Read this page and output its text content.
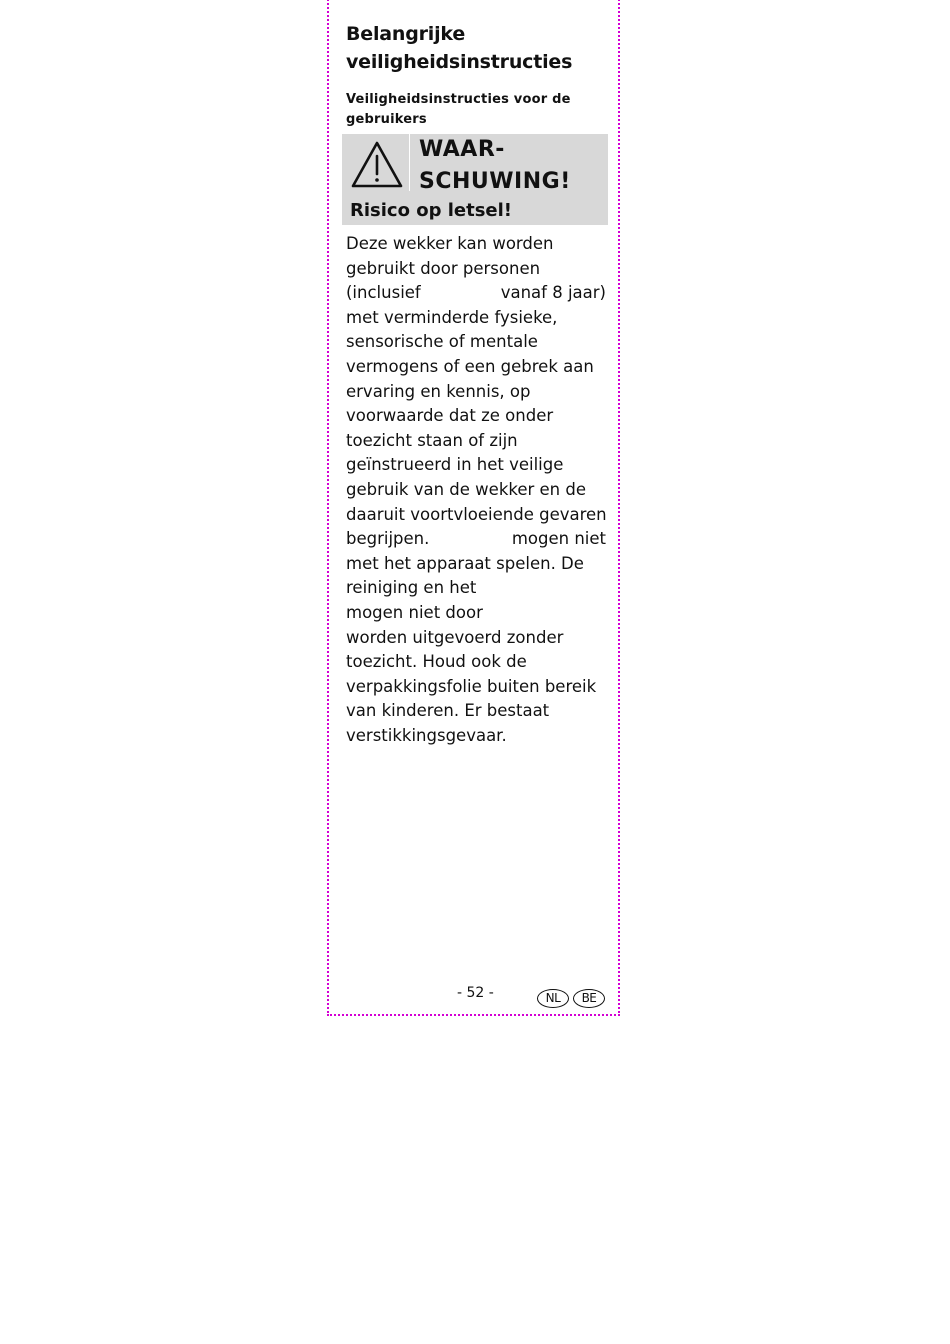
Belangrijke

veiligheidsinstructies

Veiligheidsinstructies voor de

gebruikers

WAAR-
SCHUWING!

Risico op letsel!

Deze wekker kan worden
gebruikt door personen
(inclusief	vanaf 8 jaar)
met verminderde fysieke,
sensorische of mentale
vermogens of een gebrek aan
ervaring en kennis, op
voorwaarde dat ze onder
toezicht staan of zijn
geïnstrueerd in het veilige
gebruik van de wekker en de
daaruit voortvloeiende gevaren
begrijpen.	mogen niet
met het apparaat spelen. De
reiniging en het
mogen niet door
worden uitgevoerd zonder
toezicht. Houd ook de
verpakkingsfolie buiten bereik
van kinderen. Er bestaat
verstikkingsgevaar.
- 52 -	NL	BE
